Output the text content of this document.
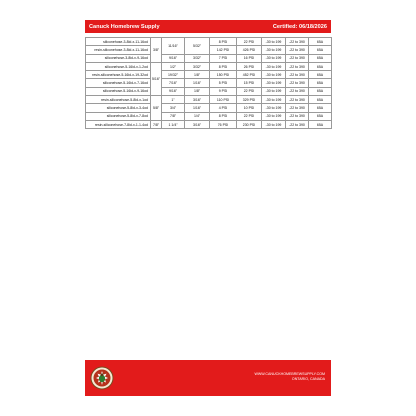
Canuck Homebrew Supply	Certified: 06/18/2026
siliconehose-3-8id-x-11-16od	3/8"	11/16"	5/32"	8 PSI	22 PSI	-30 to 199	-22 to 390	65A
resin-siliconehose-3-8id-x-11-16od				142 PSI	426 PSI	-30 to 199	-22 to 390	65A
siliconehose-3-8id-x-9-16od		9/16"	3/32"	7 PSI	16 PSI	-30 to 199	-22 to 390	65A
siliconehose-5-16id-x-1-2od	5/16"	1/2"	3/32"	8 PSI	26 PSI	-30 to 199	-22 to 390	65A
resin-siliconehose-5-16id-x-19-32od		19/32"	1/8"	150 PSI	452 PSI	-30 to 199	-22 to 390	65A
siliconehose-5-16id-x-7-16od		7/16"	1/16"	5 PSI	15 PSI	-30 to 199	-22 to 390	65A
siliconehose-5-16id-x-9-16od		9/16"	1/8"	9 PSI	22 PSI	-30 to 199	-22 to 390	65A
resin-siliconehose-5-8id-x-1od	5/8"	1"	3/16"	110 PSI	329 PSI	-30 to 199	-22 to 390	65A
siliconehose-5-8id-x-3-4od		3/4"	1/16"	4 PSI	10 PSI	-30 to 199	-22 to 390	65A
siliconehose-5-8id-x-7-8od		7/8"	1/4"	8 PSI	22 PSI	-30 to 199	-22 to 390	65A
resin-siliconehose-7-8id-x-1-1-4od	7/8"	1 1/4"	3/16"	76 PSI	230 PSI	-30 to 199	-22 to 390	65A
WWW.CANUCKHOMEBREWSUPPLY.COM
ONTARIO, CANADA
